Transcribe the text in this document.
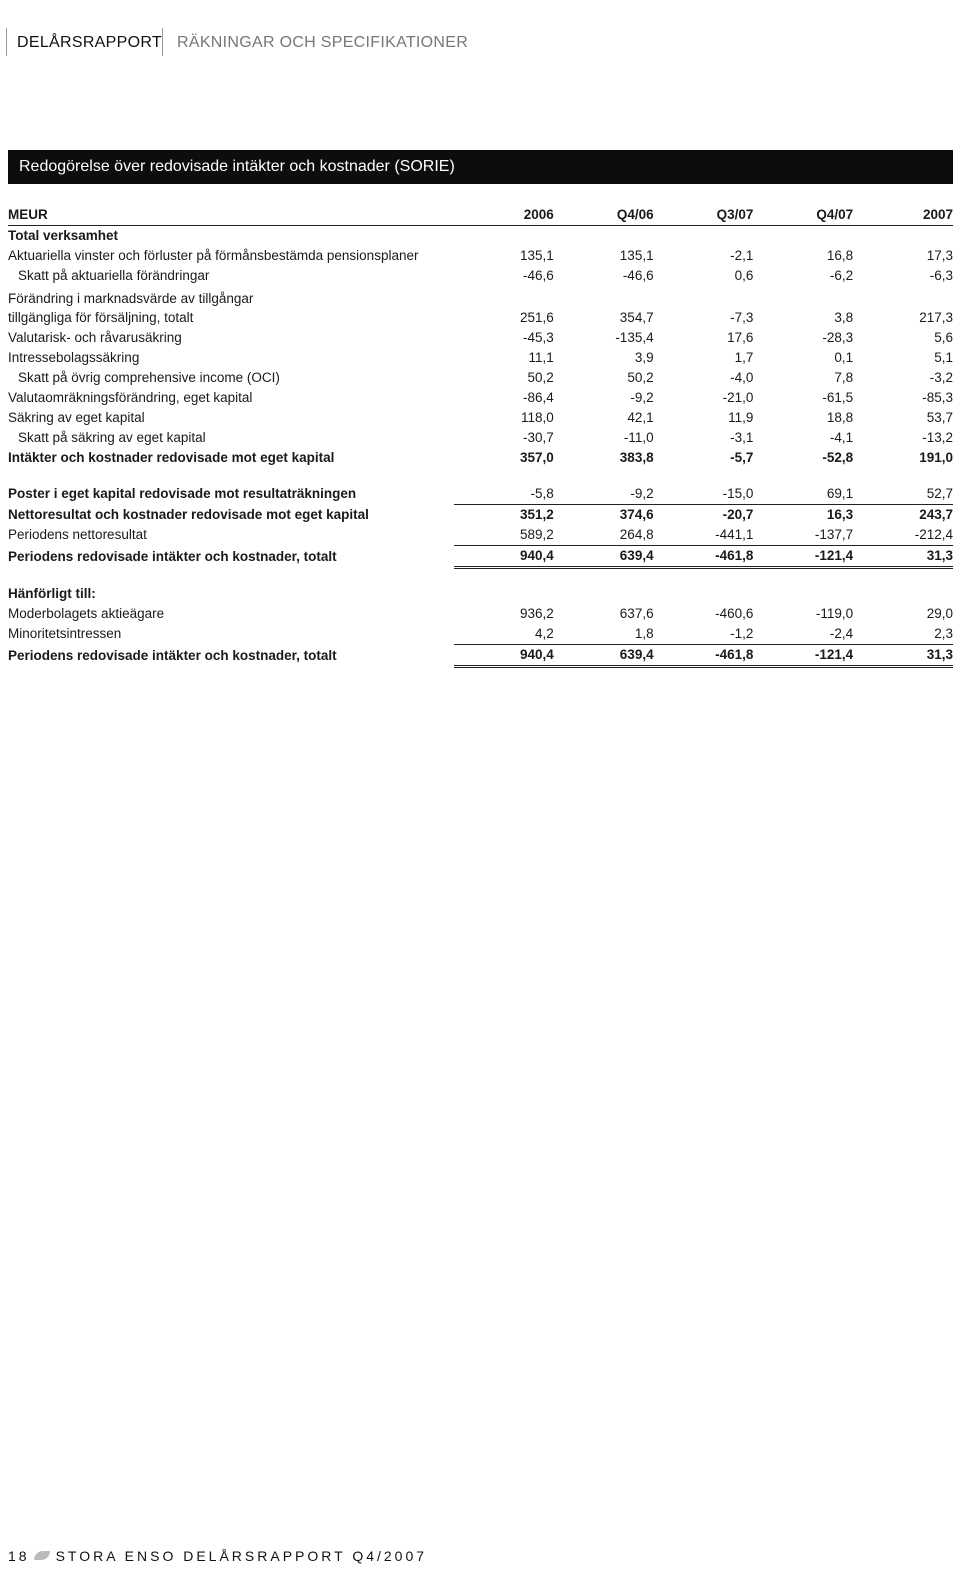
DELÅRSRAPPORT RÄKNINGAR OCH SPECIFIKATIONER
Redogörelse över redovisade intäkter och kostnader (SORIE)
MEUR	2006	Q4/06	Q3/07	Q4/07	2007
Total verksamhet					
Aktuariella vinster och förluster på förmånsbestämda pensionsplaner	135,1	135,1	-2,1	16,8	17,3
Skatt på aktuariella förändringar	-46,6	-46,6	0,6	-6,2	-6,3
Förändring i marknadsvärde av tillgångar					
tillgängliga för försäljning, totalt	251,6	354,7	-7,3	3,8	217,3
Valutarisk- och råvarusäkring	-45,3	-135,4	17,6	-28,3	5,6
Intressebolagssäkring	11,1	3,9	1,7	0,1	5,1
Skatt på övrig comprehensive income (OCI)	50,2	50,2	-4,0	7,8	-3,2
Valutaomräkningsförändring, eget kapital	-86,4	-9,2	-21,0	-61,5	-85,3
Säkring av eget kapital	118,0	42,1	11,9	18,8	53,7
Skatt på säkring av eget kapital	-30,7	-11,0	-3,1	-4,1	-13,2
Intäkter och kostnader redovisade mot eget kapital	357,0	383,8	-5,7	-52,8	191,0
Poster i eget kapital redovisade mot resultaträkningen	-5,8	-9,2	-15,0	69,1	52,7
Nettoresultat och kostnader redovisade mot eget kapital	351,2	374,6	-20,7	16,3	243,7
Periodens nettoresultat	589,2	264,8	-441,1	-137,7	-212,4
Periodens redovisade intäkter och kostnader, totalt	940,4	639,4	-461,8	-121,4	31,3
Hänförligt till:					
Moderbolagets aktieägare	936,2	637,6	-460,6	-119,0	29,0
Minoritetsintressen	4,2	1,8	-1,2	-2,4	2,3
Periodens redovisade intäkter och kostnader, totalt	940,4	639,4	-461,8	-121,4	31,3
18 STORA ENSO DELÅRSRAPPORT Q4/2007
